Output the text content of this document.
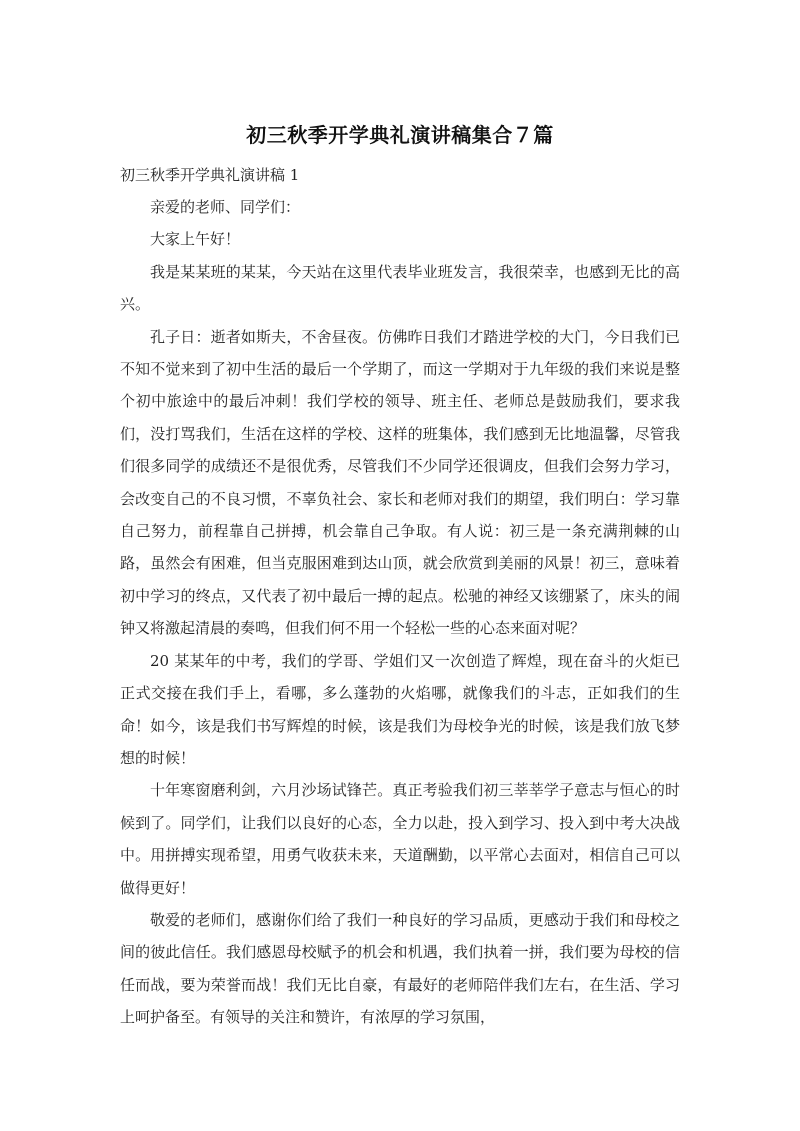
初三秋季开学典礼演讲稿集合７篇
初三秋季开学典礼演讲稿 1

亲爱的老师、同学们：

大家上午好！

我是某某班的某某，今天站在这里代表毕业班发言，我很荣幸，也感到无比的高兴。

孔子日：逝者如斯夫，不舍昼夜。仿佛昨日我们才踏进学校的大门，今日我们已不知不觉来到了初中生活的最后一个学期了，而这一学期对于九年级的我们来说是整个初中旅途中的最后冲刺！我们学校的领导、班主任、老师总是鼓励我们，要求我们，没打骂我们，生活在这样的学校、这样的班集体，我们感到无比地温馨，尽管我们很多同学的成绩还不是很优秀，尽管我们不少同学还很调皮，但我们会努力学习，会改变自己的不良习惯，不辜负社会、家长和老师对我们的期望，我们明白：学习靠自己努力，前程靠自己拼搏，机会靠自己争取。有人说：初三是一条充满荆棘的山路，虽然会有困难，但当克服困难到达山顶，就会欣赏到美丽的风景！初三，意味着初中学习的终点，又代表了初中最后一搏的起点。松驰的神经又该绷紧了，床头的闹钟又将激起清晨的奏鸣，但我们何不用一个轻松一些的心态来面对呢？

20 某某年的中考，我们的学哥、学姐们又一次创造了辉煌，现在奋斗的火炬已正式交接在我们手上，看哪，多么蓬勃的火焰哪，就像我们的斗志，正如我们的生命！如今，该是我们书写辉煌的时候，该是我们为母校争光的时候，该是我们放飞梦想的时候！

十年寒窗磨利剑，六月沙场试锋芒。真正考验我们初三莘莘学子意志与恒心的时候到了。同学们，让我们以良好的心态，全力以赴，投入到学习、投入到中考大决战中。用拼搏实现希望，用勇气收获未来，天道酬勤，以平常心去面对，相信自己可以做得更好！

敬爱的老师们，感谢你们给了我们一种良好的学习品质，更感动于我们和母校之间的彼此信任。我们感恩母校赋予的机会和机遇，我们执着一拼，我们要为母校的信任而战，要为荣誉而战！我们无比自豪，有最好的老师陪伴我们左右，在生活、学习上呵护备至。有领导的关注和赞许，有浓厚的学习氛围，
